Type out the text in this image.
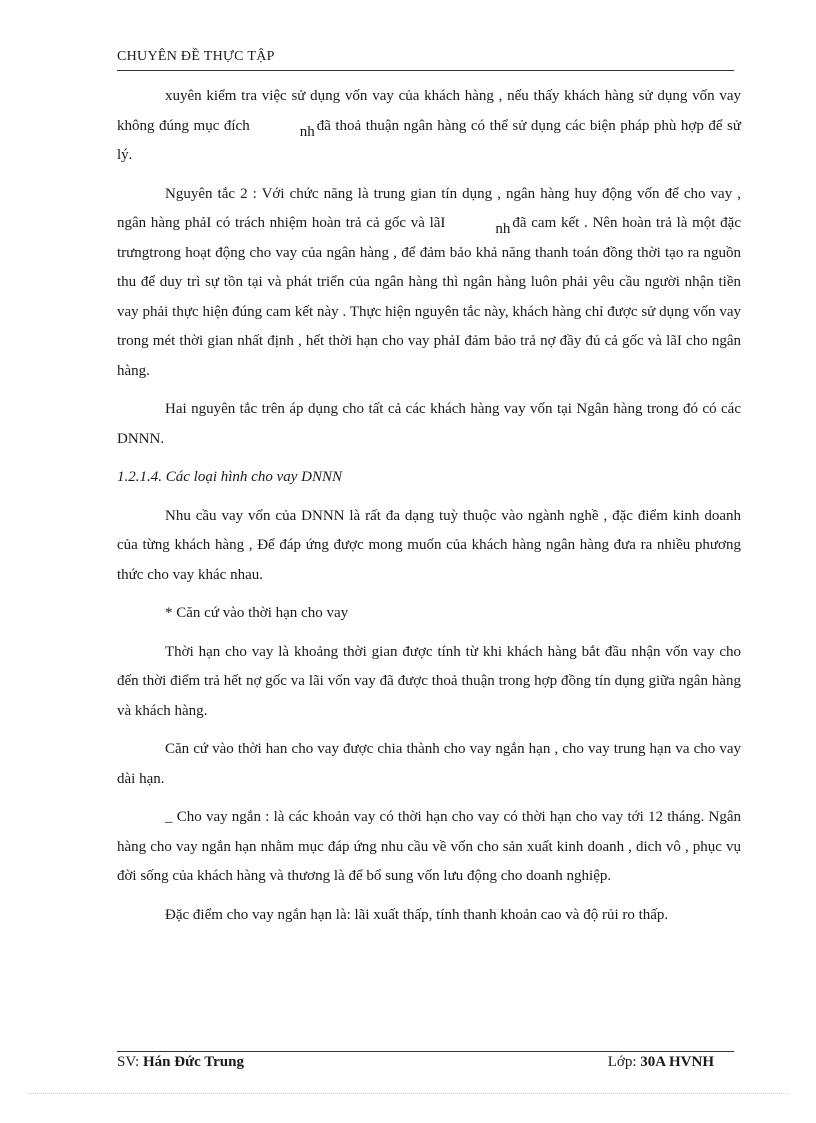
CHUYÊN ĐỀ THỰC TẬP

xuyên kiểm tra việc sử dụng vốn vay của khách hàng , nếu thấy khách hàng sử dụng vốn vay không đúng mục đích	nh đã thoả thuận ngân hàng có thể sử dụng các biện pháp phù hợp để sử lý.

Nguyên tắc 2 : Với chức năng là trung gian tín dụng , ngân hàng huy động vốn để cho vay , ngân hàng phảI có trách nhiệm hoàn trả cả gốc và lãI	nh đã cam kết . Nên hoàn trả là một đặc trưngtrong hoạt động cho vay của ngân hàng , để đảm bảo khả năng thanh toán đồng thời tạo ra nguồn thu để duy trì sự tồn tại và phát triển của ngân hàng thì ngân hàng luôn phải yêu cầu người nhận tiền vay phải thực hiện đúng cam kết này . Thực hiện nguyên tắc này, khách hàng chỉ được sử dụng vốn vay trong mét thời gian nhất định , hết thời hạn cho vay phảI đảm bảo trả nợ đầy đủ cả gốc và lãI cho ngân hàng.

Hai nguyên tắc trên áp dụng cho tất cả các khách hàng vay vốn tại Ngân hàng trong đó có các DNNN.

1.2.1.4. Các loại hình cho vay DNNN

Nhu cầu vay vốn của DNNN là rất đa dạng tuỳ thuộc vào ngành nghề , đặc điểm kinh doanh của từng khách hàng , Để đáp ứng được mong muốn của khách hàng ngân hàng đưa ra nhiều phương thức cho vay khác nhau.

* Căn cứ vào thời hạn cho vay

Thời hạn cho vay là khoảng thời gian được tính từ khi khách hàng bắt đầu nhận vốn vay cho đến thời điểm trả hết nợ gốc va lãi vốn vay đã được thoả thuận trong hợp đồng tín dụng giữa ngân hàng và khách hàng.

Căn cứ vào thời han cho vay được chia thành cho vay ngắn hạn , cho vay trung hạn va cho vay dài hạn.

_ Cho vay ngắn : là các khoản vay có thời hạn cho vay có thời hạn cho vay tới 12 tháng. Ngân hàng cho vay ngắn hạn nhằm mục đáp ứng nhu cầu về vốn cho sản xuất kinh doanh , dich vô , phục vụ đời sống của khách hàng và thương là để bổ sung vốn lưu động cho doanh nghiệp.

Đặc điểm cho vay ngắn hạn là: lãi xuất thấp, tính thanh khoản cao và độ rủi ro thấp.

SV: Hán Đức Trung	Lớp: 30A HVNH
